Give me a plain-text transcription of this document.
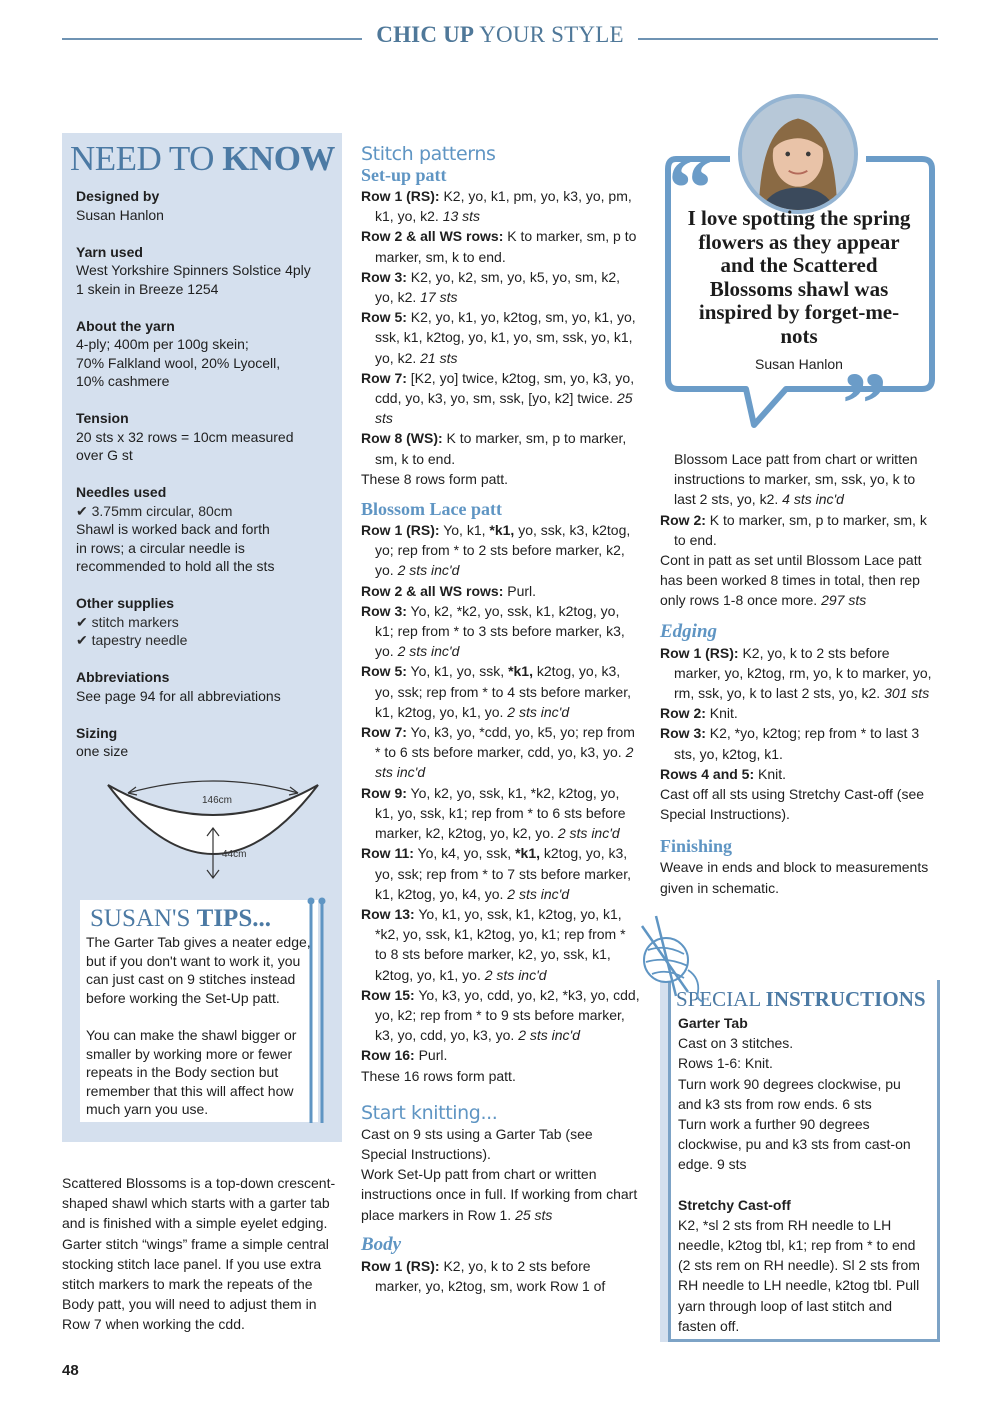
CHIC UP YOUR STYLE
NEED TO KNOW
Designed by
Susan Hanlon
Yarn used
West Yorkshire Spinners Solstice 4ply
1 skein in Breeze 1254
About the yarn
4-ply; 400m per 100g skein;
70% Falkland wool, 20% Lyocell,
10% cashmere
Tension
20 sts x 32 rows = 10cm measured
over G st
Needles used
✔ 3.75mm circular, 80cm
Shawl is worked back and forth
in rows; a circular needle is
recommended to hold all the sts
Other supplies
✔ stitch markers
✔ tapestry needle
Abbreviations
See page 94 for all abbreviations
Sizing
one size
146cm
44cm
SUSAN'S TIPS...

The Garter Tab gives a neater edge, but if you don't want to work it, you can just cast on 9 stitches instead before working the Set-Up patt.

You can make the shawl bigger or smaller by working more or fewer repeats in the Body section but remember that this will affect how much yarn you use.

Scattered Blossoms is a top-down crescent-shaped shawl which starts with a garter tab and is finished with a simple eyelet edging. Garter stitch “wings” frame a simple central stocking stitch lace panel. If you use extra stitch markers to mark the repeats of the Body patt, you will need to adjust them in Row 7 when working the cdd.
Stitch patterns
Set-up patt
Row 1 (RS): K2, yo, k1, pm, yo, k3, yo, pm, k1, yo, k2. 13 sts
Row 2 & all WS rows: K to marker, sm, p to marker, sm, k to end.
Row 3: K2, yo, k2, sm, yo, k5, yo, sm, k2, yo, k2. 17 sts
Row 5: K2, yo, k1, yo, k2tog, sm, yo, k1, yo, ssk, k1, k2tog, yo, k1, yo, sm, ssk, yo, k1, yo, k2. 21 sts
Row 7: [K2, yo] twice, k2tog, sm, yo, k3, yo, cdd, yo, k3, yo, sm, ssk, [yo, k2] twice. 25 sts
Row 8 (WS): K to marker, sm, p to marker, sm, k to end.
These 8 rows form patt.
Blossom Lace patt
Row 1 (RS): Yo, k1, *k1, yo, ssk, k3, k2tog, yo; rep from * to 2 sts before marker, k2, yo. 2 sts inc'd
Row 2 & all WS rows: Purl.
Row 3: Yo, k2, *k2, yo, ssk, k1, k2tog, yo, k1; rep from * to 3 sts before marker, k3, yo. 2 sts inc'd
Row 5: Yo, k1, yo, ssk, *k1, k2tog, yo, k3, yo, ssk; rep from * to 4 sts before marker, k1, k2tog, yo, k1, yo. 2 sts inc'd
Row 7: Yo, k3, yo, *cdd, yo, k5, yo; rep from * to 6 sts before marker, cdd, yo, k3, yo. 2 sts inc'd
Row 9: Yo, k2, yo, ssk, k1, *k2, k2tog, yo, k1, yo, ssk, k1; rep from * to 6 sts before marker, k2, k2tog, yo, k2, yo. 2 sts inc'd
Row 11: Yo, k4, yo, ssk, *k1, k2tog, yo, k3, yo, ssk; rep from * to 7 sts before marker, k1, k2tog, yo, k4, yo. 2 sts inc'd
Row 13: Yo, k1, yo, ssk, k1, k2tog, yo, k1, *k2, yo, ssk, k1, k2tog, yo, k1; rep from * to 8 sts before marker, k2, yo, ssk, k1, k2tog, yo, k1, yo. 2 sts inc'd
Row 15: Yo, k3, yo, cdd, yo, k2, *k3, yo, cdd, yo, k2; rep from * to 9 sts before marker, k3, yo, cdd, yo, k3, yo. 2 sts inc'd
Row 16: Purl.
These 16 rows form patt.
Start knitting...
Cast on 9 sts using a Garter Tab (see Special Instructions).
Work Set-Up patt from chart or written instructions once in full. If working from chart place markers in Row 1. 25 sts
Body
Row 1 (RS): K2, yo, k to 2 sts before marker, yo, k2tog, sm, work Row 1 of
“
”
I love spotting the spring flowers as they appear and the Scattered Blossoms shawl was inspired by forget-me-nots
Susan Hanlon
Blossom Lace patt from chart or written instructions to marker, sm, ssk, yo, k to last 2 sts, yo, k2. 4 sts inc'd
Row 2: K to marker, sm, p to marker, sm, k to end.
Cont in patt as set until Blossom Lace patt has been worked 8 times in total, then rep only rows 1-8 once more. 297 sts
Edging
Row 1 (RS): K2, yo, k to 2 sts before marker, yo, k2tog, rm, yo, k to marker, yo, rm, ssk, yo, k to last 2 sts, yo, k2. 301 sts
Row 2: Knit.
Row 3: K2, *yo, k2tog; rep from * to last 3 sts, yo, k2tog, k1.
Rows 4 and 5: Knit.
Cast off all sts using Stretchy Cast-off (see Special Instructions).
Finishing
Weave in ends and block to measurements given in schematic.
SPECIAL INSTRUCTIONS
Garter Tab
Cast on 3 stitches.
Rows 1-6: Knit.
Turn work 90 degrees clockwise, pu and k3 sts from row ends. 6 sts
Turn work a further 90 degrees clockwise, pu and k3 sts from cast-on edge. 9 sts
Stretchy Cast-off
K2, *sl 2 sts from RH needle to LH needle, k2tog tbl, k1; rep from * to end (2 sts rem on RH needle). Sl 2 sts from RH needle to LH needle, k2tog tbl. Pull yarn through loop of last stitch and fasten off.
48
